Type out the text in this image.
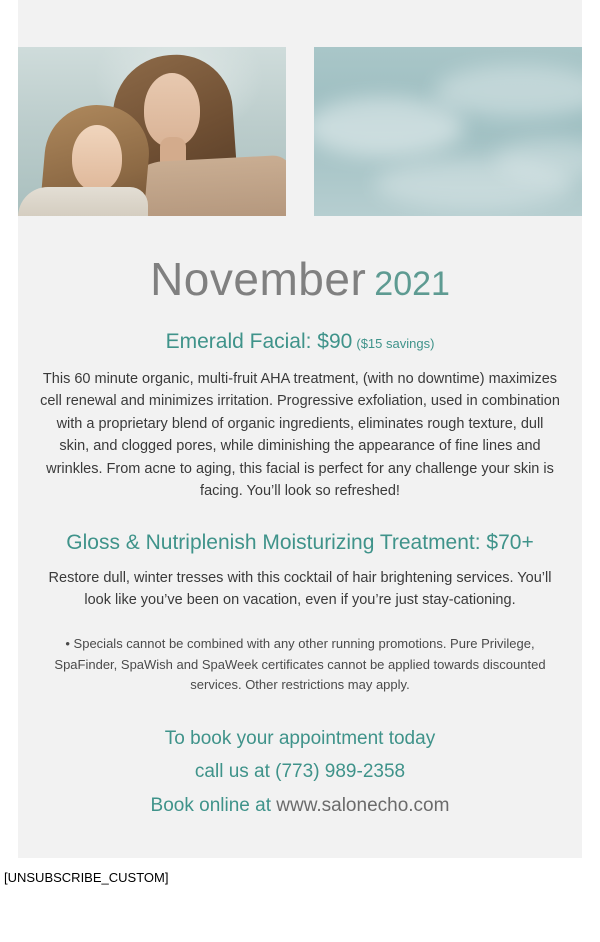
November 2021
Emerald Facial: $90 ($15 savings)
This 60 minute organic, multi-fruit AHA treatment, (with no downtime) maximizes cell renewal and minimizes irritation. Progressive exfoliation, used in combination with a proprietary blend of organic ingredients, eliminates rough texture, dull skin, and clogged pores, while diminishing the appearance of fine lines and wrinkles. From acne to aging, this facial is perfect for any challenge your skin is facing. You’ll look so refreshed!
Gloss & Nutriplenish Moisturizing Treatment: $70+
Restore dull, winter tresses with this cocktail of hair brightening services. You’ll look like you’ve been on vacation, even if you’re just stay-cationing.
• Specials cannot be combined with any other running promotions. Pure Privilege, SpaFinder, SpaWish and SpaWeek certificates cannot be applied towards discounted services. Other restrictions may apply.
To book your appointment today
call us at (773) 989-2358
Book online at www.salonecho.com
[UNSUBSCRIBE_CUSTOM]
